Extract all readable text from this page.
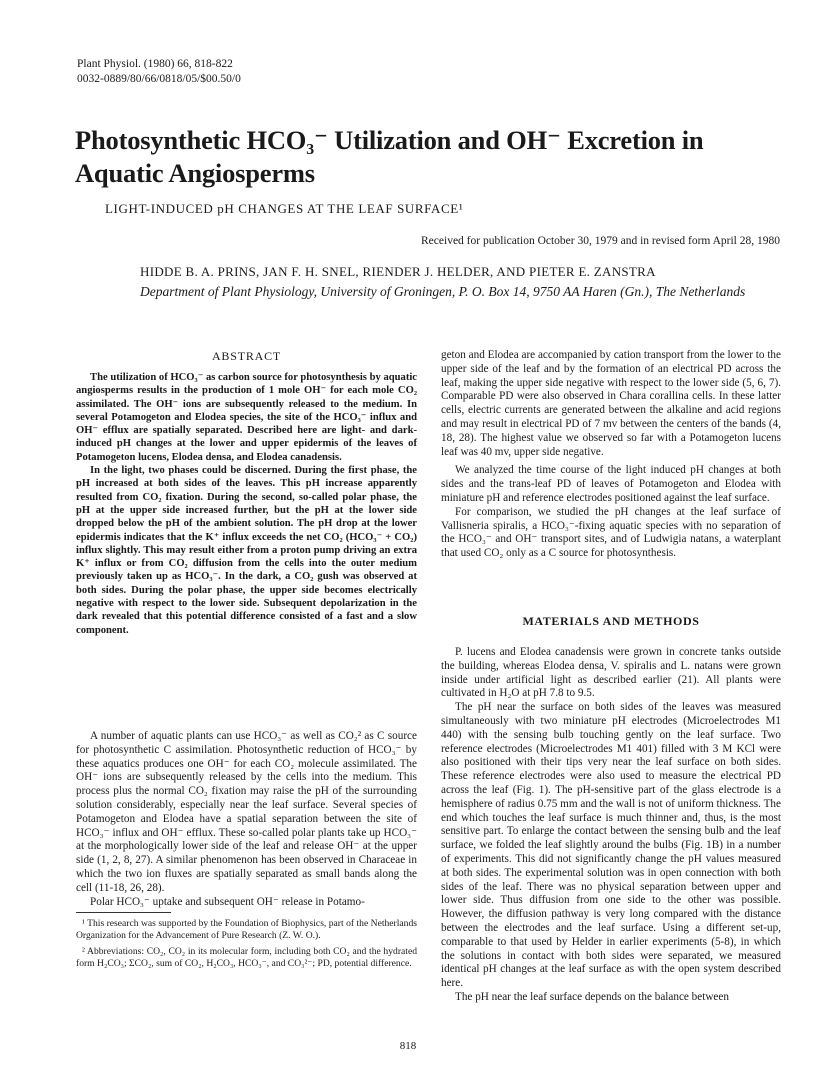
Plant Physiol. (1980) 66, 818-822
0032-0889/80/66/0818/05/$00.50/0
Photosynthetic HCO₃⁻ Utilization and OH⁻ Excretion in Aquatic Angiosperms
LIGHT-INDUCED pH CHANGES AT THE LEAF SURFACE¹
Received for publication October 30, 1979 and in revised form April 28, 1980
HIDDE B. A. PRINS, JAN F. H. SNEL, RIENDER J. HELDER, AND PIETER E. ZANSTRA
Department of Plant Physiology, University of Groningen, P. O. Box 14, 9750 AA Haren (Gn.), The Netherlands
ABSTRACT

The utilization of HCO₃⁻ as carbon source for photosynthesis by aquatic angiosperms results in the production of 1 mole OH⁻ for each mole CO₂ assimilated. The OH⁻ ions are subsequently released to the medium. In several Potamogeton and Elodea species, the site of the HCO₃⁻ influx and OH⁻ efflux are spatially separated. Described here are light- and dark-induced pH changes at the lower and upper epidermis of the leaves of Potamogeton lucens, Elodea densa, and Elodea canadensis.

In the light, two phases could be discerned. During the first phase, the pH increased at both sides of the leaves. This pH increase apparently resulted from CO₂ fixation. During the second, so-called polar phase, the pH at the upper side increased further, but the pH at the lower side dropped below the pH of the ambient solution. The pH drop at the lower epidermis indicates that the K⁺ influx exceeds the net CO₂ (HCO₃⁻ + CO₂) influx slightly. This may result either from a proton pump driving an extra K⁺ influx or from CO₂ diffusion from the cells into the outer medium previously taken up as HCO₃⁻. In the dark, a CO₂ gush was observed at both sides. During the polar phase, the upper side becomes electrically negative with respect to the lower side. Subsequent depolarization in the dark revealed that this potential difference consisted of a fast and a slow component.

A number of aquatic plants can use HCO₃⁻ as well as CO₂² as C source for photosynthetic C assimilation. Photosynthetic reduction of HCO₃⁻ by these aquatics produces one OH⁻ for each CO₂ molecule assimilated. The OH⁻ ions are subsequently released by the cells into the medium. This process plus the normal CO₂ fixation may raise the pH of the surrounding solution considerably, especially near the leaf surface. Several species of Potamogeton and Elodea have a spatial separation between the site of HCO₃⁻ influx and OH⁻ efflux. These so-called polar plants take up HCO₃⁻ at the morphologically lower side of the leaf and release OH⁻ at the upper side (1, 2, 8, 27). A similar phenomenon has been observed in Characeae in which the two ion fluxes are spatially separated as small bands along the cell (11-18, 26, 28).

Polar HCO₃⁻ uptake and subsequent OH⁻ release in Potamo-

¹ This research was supported by the Foundation of Biophysics, part of the Netherlands Organization for the Advancement of Pure Research (Z. W. O.).

² Abbreviations: CO₂, CO₂ in its molecular form, including both CO₂ and the hydrated form H₂CO₃; ΣCO₂, sum of CO₂, H₂CO₃, HCO₃⁻, and CO₃²⁻; PD, potential difference.

geton and Elodea are accompanied by cation transport from the lower to the upper side of the leaf and by the formation of an electrical PD across the leaf, making the upper side negative with respect to the lower side (5, 6, 7). Comparable PD were also observed in Chara corallina cells. In these latter cells, electric currents are generated between the alkaline and acid regions and may result in electrical PD of 7 mv between the centers of the bands (4, 18, 28). The highest value we observed so far with a Potamogeton lucens leaf was 40 mv, upper side negative.

We analyzed the time course of the light induced pH changes at both sides and the trans-leaf PD of leaves of Potamogeton and Elodea with miniature pH and reference electrodes positioned against the leaf surface.

For comparison, we studied the pH changes at the leaf surface of Vallisneria spiralis, a HCO₃⁻-fixing aquatic species with no separation of the HCO₃⁻ and OH⁻ transport sites, and of Ludwigia natans, a waterplant that used CO₂ only as a C source for photosynthesis.

MATERIALS AND METHODS

P. lucens and Elodea canadensis were grown in concrete tanks outside the building, whereas Elodea densa, V. spiralis and L. natans were grown inside under artificial light as described earlier (21). All plants were cultivated in H₂O at pH 7.8 to 9.5.

The pH near the surface on both sides of the leaves was measured simultaneously with two miniature pH electrodes (Microelectrodes M1 440) with the sensing bulb touching gently on the leaf surface. Two reference electrodes (Microelectrodes M1 401) filled with 3 M KCl were also positioned with their tips very near the leaf surface on both sides. These reference electrodes were also used to measure the electrical PD across the leaf (Fig. 1). The pH-sensitive part of the glass electrode is a hemisphere of radius 0.75 mm and the wall is not of uniform thickness. The end which touches the leaf surface is much thinner and, thus, is the most sensitive part. To enlarge the contact between the sensing bulb and the leaf surface, we folded the leaf slightly around the bulbs (Fig. 1B) in a number of experiments. This did not significantly change the pH values measured at both sides. The experimental solution was in open connection with both sides of the leaf. There was no physical separation between upper and lower side. Thus diffusion from one side to the other was possible. However, the diffusion pathway is very long compared with the distance between the electrodes and the leaf surface. Using a different set-up, comparable to that used by Helder in earlier experiments (5-8), in which the solutions in contact with both sides were separated, we measured identical pH changes at the leaf surface as with the open system described here.

The pH near the leaf surface depends on the balance between

818
